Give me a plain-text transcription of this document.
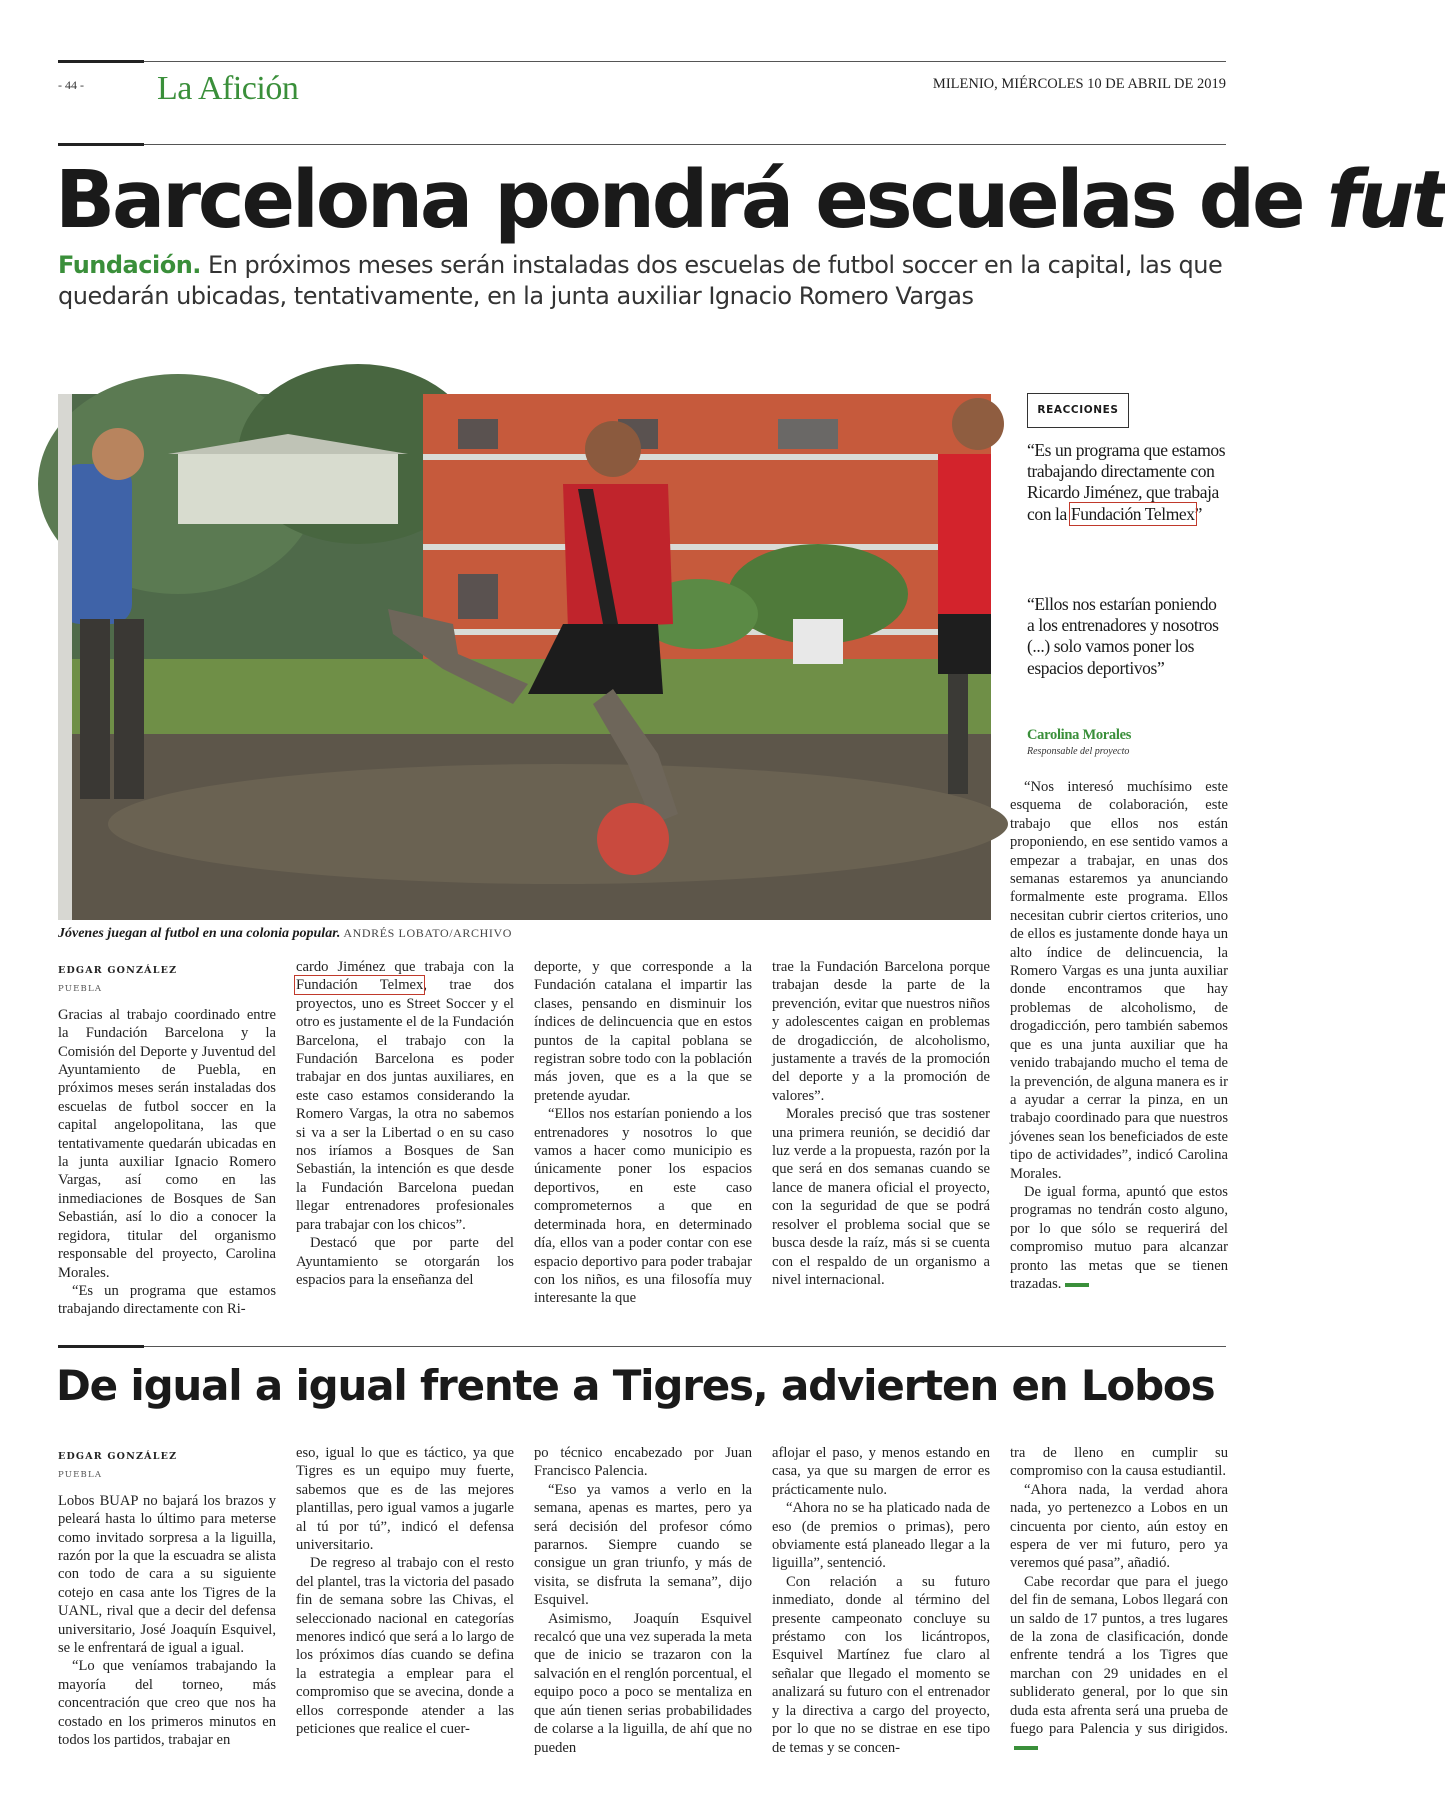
- 44 - La Afición	MILENIO, MIÉRCOLES 10 DE ABRIL DE 2019
Barcelona pondrá escuelas de fut
Fundación. En próximos meses serán instaladas dos escuelas de futbol soccer en la capital, las que quedarán ubicadas, tentativamente, en la junta auxiliar Ignacio Romero Vargas
Jóvenes juegan al futbol en una colonia popular. ANDRÉS LOBATO/ARCHIVO
REACCIONES
“Es un programa que estamos trabajando directamente con Ricardo Jiménez, que trabaja con la Fundación Telmex”
“Ellos nos estarían poniendo a los entrenadores y nosotros (...) solo vamos poner los espacios deportivos”
Carolina Morales
Responsable del proyecto
EDGAR GONZÁLEZ
PUEBLA

Gracias al trabajo coordinado entre la Fundación Barcelona y la Comisión del Deporte y Juventud del Ayuntamiento de Puebla, en próximos meses serán instaladas dos escuelas de futbol soccer en la capital angelopolitana, las que tentativamente quedarán ubicadas en la junta auxiliar Ignacio Romero Vargas, así como en las inmediaciones de Bosques de San Sebastián, así lo dio a conocer la regidora, titular del organismo responsable del proyecto, Carolina Morales.

“Es un programa que estamos trabajando directamente con Ri-

cardo Jiménez que trabaja con la Fundación Telmex, trae dos proyectos, uno es Street Soccer y el otro es justamente el de la Fundación Barcelona, el trabajo con la Fundación Barcelona es poder trabajar en dos juntas auxiliares, en este caso estamos considerando la Romero Vargas, la otra no sabemos si va a ser la Libertad o en su caso nos iríamos a Bosques de San Sebastián, la intención es que desde la Fundación Barcelona puedan llegar entrenadores profesionales para trabajar con los chicos”.

Destacó que por parte del Ayuntamiento se otorgarán los espacios para la enseñanza del

deporte, y que corresponde a la Fundación catalana el impartir las clases, pensando en disminuir los índices de delincuencia que en estos puntos de la capital poblana se registran sobre todo con la población más joven, que es a la que se pretende ayudar.

“Ellos nos estarían poniendo a los entrenadores y nosotros lo que vamos a hacer como municipio es únicamente poner los espacios deportivos, en este caso comprometernos a que en determinada hora, en determinado día, ellos van a poder contar con ese espacio deportivo para poder trabajar con los niños, es una filosofía muy interesante la que

trae la Fundación Barcelona porque trabajan desde la parte de la prevención, evitar que nuestros niños y adolescentes caigan en problemas de drogadicción, de alcoholismo, justamente a través de la promoción del deporte y a la promoción de valores”.

Morales precisó que tras sostener una primera reunión, se decidió dar luz verde a la propuesta, razón por la que será en dos semanas cuando se lance de manera oficial el proyecto, con la seguridad de que se podrá resolver el problema social que se busca desde la raíz, más si se cuenta con el respaldo de un organismo a nivel internacional.

“Nos interesó muchísimo este esquema de colaboración, este trabajo que ellos nos están proponiendo, en ese sentido vamos a empezar a trabajar, en unas dos semanas estaremos ya anunciando formalmente este programa. Ellos necesitan cubrir ciertos criterios, uno de ellos es justamente donde haya un alto índice de delincuencia, la Romero Vargas es una junta auxiliar donde encontramos que hay problemas de alcoholismo, de drogadicción, pero también sabemos que es una junta auxiliar que ha venido trabajando mucho el tema de la prevención, de alguna manera es ir a ayudar a cerrar la pinza, en un trabajo coordinado para que nuestros jóvenes sean los beneficiados de este tipo de actividades”, indicó Carolina Morales.

De igual forma, apuntó que estos programas no tendrán costo alguno, por lo que sólo se requerirá del compromiso mutuo para alcanzar pronto las metas que se tienen trazadas.

De igual a igual frente a Tigres, advierten en Lobos
EDGAR GONZÁLEZ
PUEBLA

Lobos BUAP no bajará los brazos y peleará hasta lo último para meterse como invitado sorpresa a la liguilla, razón por la que la escuadra se alista con todo de cara a su siguiente cotejo en casa ante los Tigres de la UANL, rival que a decir del defensa universitario, José Joaquín Esquivel, se le enfrentará de igual a igual.

“Lo que veníamos trabajando la mayoría del torneo, más concentración que creo que nos ha costado en los primeros minutos en todos los partidos, trabajar en

eso, igual lo que es táctico, ya que Tigres es un equipo muy fuerte, sabemos que es de las mejores plantillas, pero igual vamos a jugarle al tú por tú”, indicó el defensa universitario.

De regreso al trabajo con el resto del plantel, tras la victoria del pasado fin de semana sobre las Chivas, el seleccionado nacional en categorías menores indicó que será a lo largo de los próximos días cuando se defina la estrategia a emplear para el compromiso que se avecina, donde a ellos corresponde atender a las peticiones que realice el cuer-

po técnico encabezado por Juan Francisco Palencia.

“Eso ya vamos a verlo en la semana, apenas es martes, pero ya será decisión del profesor cómo pararnos. Siempre cuando se consigue un gran triunfo, y más de visita, se disfruta la semana”, dijo Esquivel.

Asimismo, Joaquín Esquivel recalcó que una vez superada la meta que de inicio se trazaron con la salvación en el renglón porcentual, el equipo poco a poco se mentaliza en que aún tienen serias probabilidades de colarse a la liguilla, de ahí que no pueden

aflojar el paso, y menos estando en casa, ya que su margen de error es prácticamente nulo.

“Ahora no se ha platicado nada de eso (de premios o primas), pero obviamente está planeado llegar a la liguilla”, sentenció.

Con relación a su futuro inmediato, donde al término del presente campeonato concluye su préstamo con los licántropos, Esquivel Martínez fue claro al señalar que llegado el momento se analizará su futuro con el entrenador y la directiva a cargo del proyecto, por lo que no se distrae en ese tipo de temas y se concen-

tra de lleno en cumplir su compromiso con la causa estudiantil.

“Ahora nada, la verdad ahora nada, yo pertenezco a Lobos en un cincuenta por ciento, aún estoy en espera de ver mi futuro, pero ya veremos qué pasa”, añadió.

Cabe recordar que para el juego del fin de semana, Lobos llegará con un saldo de 17 puntos, a tres lugares de la zona de clasificación, donde enfrente tendrá a los Tigres que marchan con 29 unidades en el subliderato general, por lo que sin duda esta afrenta será una prueba de fuego para Palencia y sus dirigidos.
